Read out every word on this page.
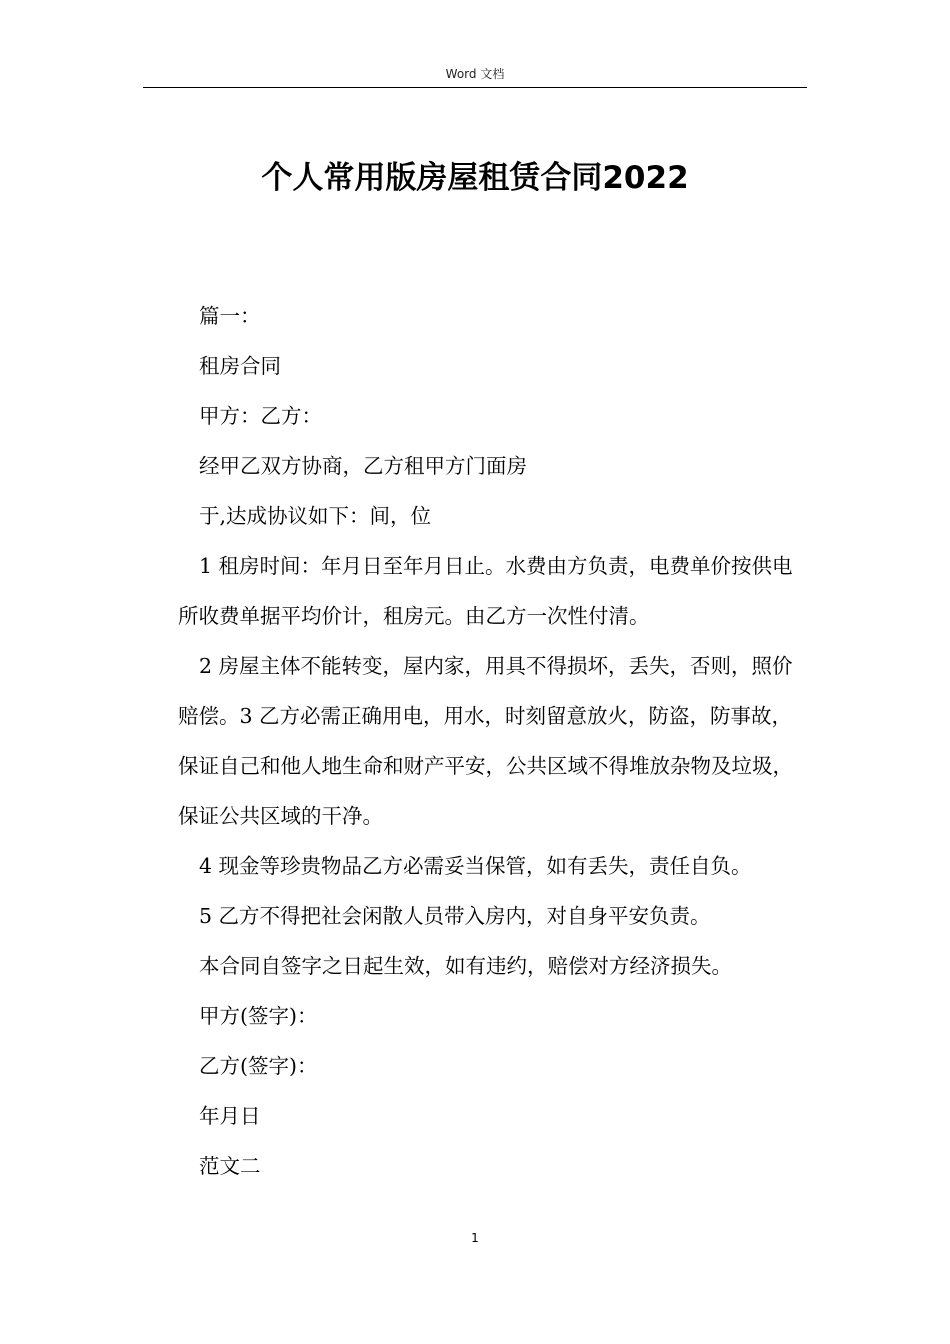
Word 文档
个人常用版房屋租赁合同2022

篇一：

租房合同

甲方：乙方：

经甲乙双方协商，乙方租甲方门面房

于,达成协议如下：间，位

1 租房时间：年月日至年月日止。水费由方负责，电费单价按供电所收费单据平均价计，租房元。由乙方一次性付清。

2 房屋主体不能转变，屋内家，用具不得损坏，丢失，否则，照价赔偿。3 乙方必需正确用电，用水，时刻留意放火，防盗，防事故，保证自己和他人地生命和财产平安，公共区域不得堆放杂物及垃圾，保证公共区域的干净。

4 现金等珍贵物品乙方必需妥当保管，如有丢失，责任自负。

5 乙方不得把社会闲散人员带入房内，对自身平安负责。

本合同自签字之日起生效，如有违约，赔偿对方经济损失。

甲方(签字)：

乙方(签字)：

年月日

范文二

1
